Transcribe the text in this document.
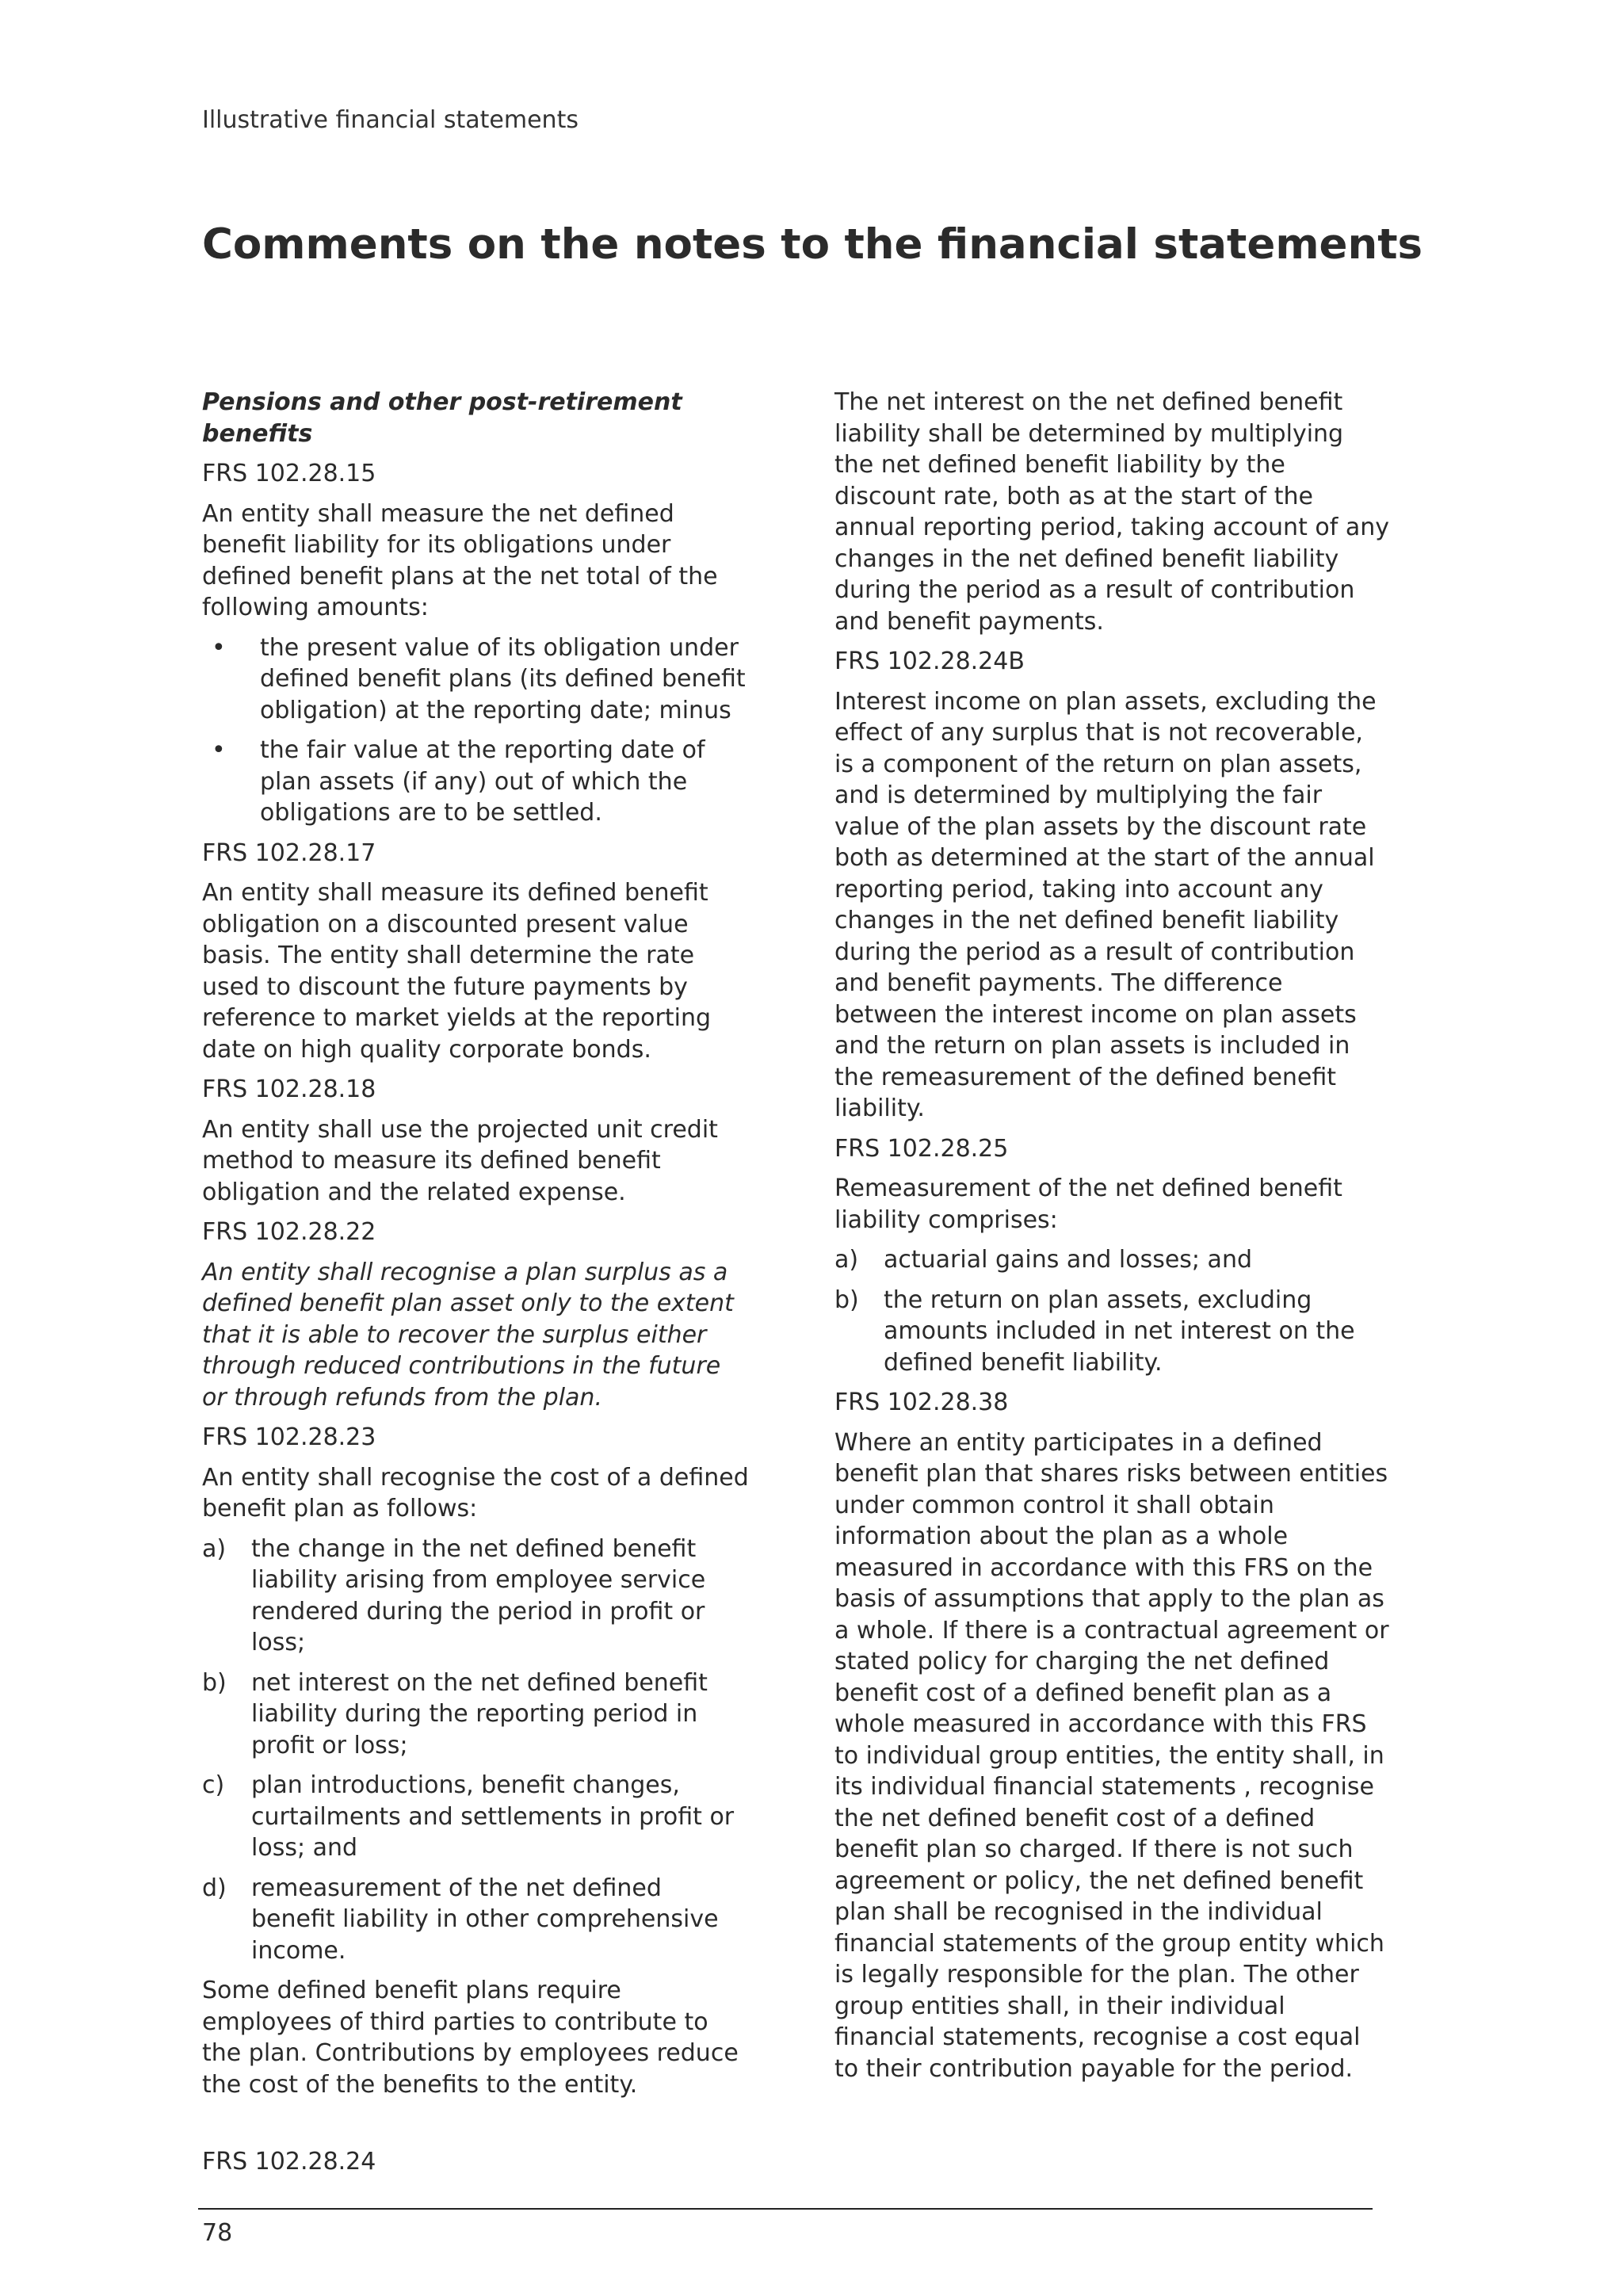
Illustrative financial statements
Comments on the notes to the financial statements

Pensions and other post-retirement benefits

FRS 102.28.15

An entity shall measure the net defined benefit liability for its obligations under defined benefit plans at the net total of the following amounts:

• the present value of its obligation under defined benefit plans (its defined benefit obligation) at the reporting date; minus
• the fair value at the reporting date of plan assets (if any) out of which the obligations are to be settled.

FRS 102.28.17

An entity shall measure its defined benefit obligation on a discounted present value basis. The entity shall determine the rate used to discount the future payments by reference to market yields at the reporting date on high quality corporate bonds.

FRS 102.28.18

An entity shall use the projected unit credit method to measure its defined benefit obligation and the related expense.

FRS 102.28.22

An entity shall recognise a plan surplus as a defined benefit plan asset only to the extent that it is able to recover the surplus either through reduced contributions in the future or through refunds from the plan.

FRS 102.28.23

An entity shall recognise the cost of a defined benefit plan as follows:

a) the change in the net defined benefit liability arising from employee service rendered during the period in profit or loss;
b) net interest on the net defined benefit liability during the reporting period in profit or loss;
c) plan introductions, benefit changes, curtailments and settlements in profit or loss; and
d) remeasurement of the net defined benefit liability in other comprehensive income.

Some defined benefit plans require employees of third parties to contribute to the plan. Contributions by employees reduce the cost of the benefits to the entity.

The net interest on the net defined benefit liability shall be determined by multiplying the net defined benefit liability by the discount rate, both as at the start of the annual reporting period, taking account of any changes in the net defined benefit liability during the period as a result of contribution and benefit payments.

FRS 102.28.24B

Interest income on plan assets, excluding the effect of any surplus that is not recoverable, is a component of the return on plan assets, and is determined by multiplying the fair value of the plan assets by the discount rate both as determined at the start of the annual reporting period, taking into account any changes in the net defined benefit liability during the period as a result of contribution and benefit payments. The difference between the interest income on plan assets and the return on plan assets is included in the remeasurement of the defined benefit liability.

FRS 102.28.25

Remeasurement of the net defined benefit liability comprises:

a) actuarial gains and losses; and
b) the return on plan assets, excluding amounts included in net interest on the defined benefit liability.

FRS 102.28.38

Where an entity participates in a defined benefit plan that shares risks between entities under common control it shall obtain information about the plan as a whole measured in accordance with this FRS on the basis of assumptions that apply to the plan as a whole. If there is a contractual agreement or stated policy for charging the net defined benefit cost of a defined benefit plan as a whole measured in accordance with this FRS to individual group entities, the entity shall, in its individual financial statements , recognise the net defined benefit cost of a defined benefit plan so charged. If there is not such agreement or policy, the net defined benefit plan shall be recognised in the individual financial statements of the group entity which is legally responsible for the plan. The other group entities shall, in their individual financial statements, recognise a cost equal to their contribution payable for the period.

FRS 102.28.24
78
